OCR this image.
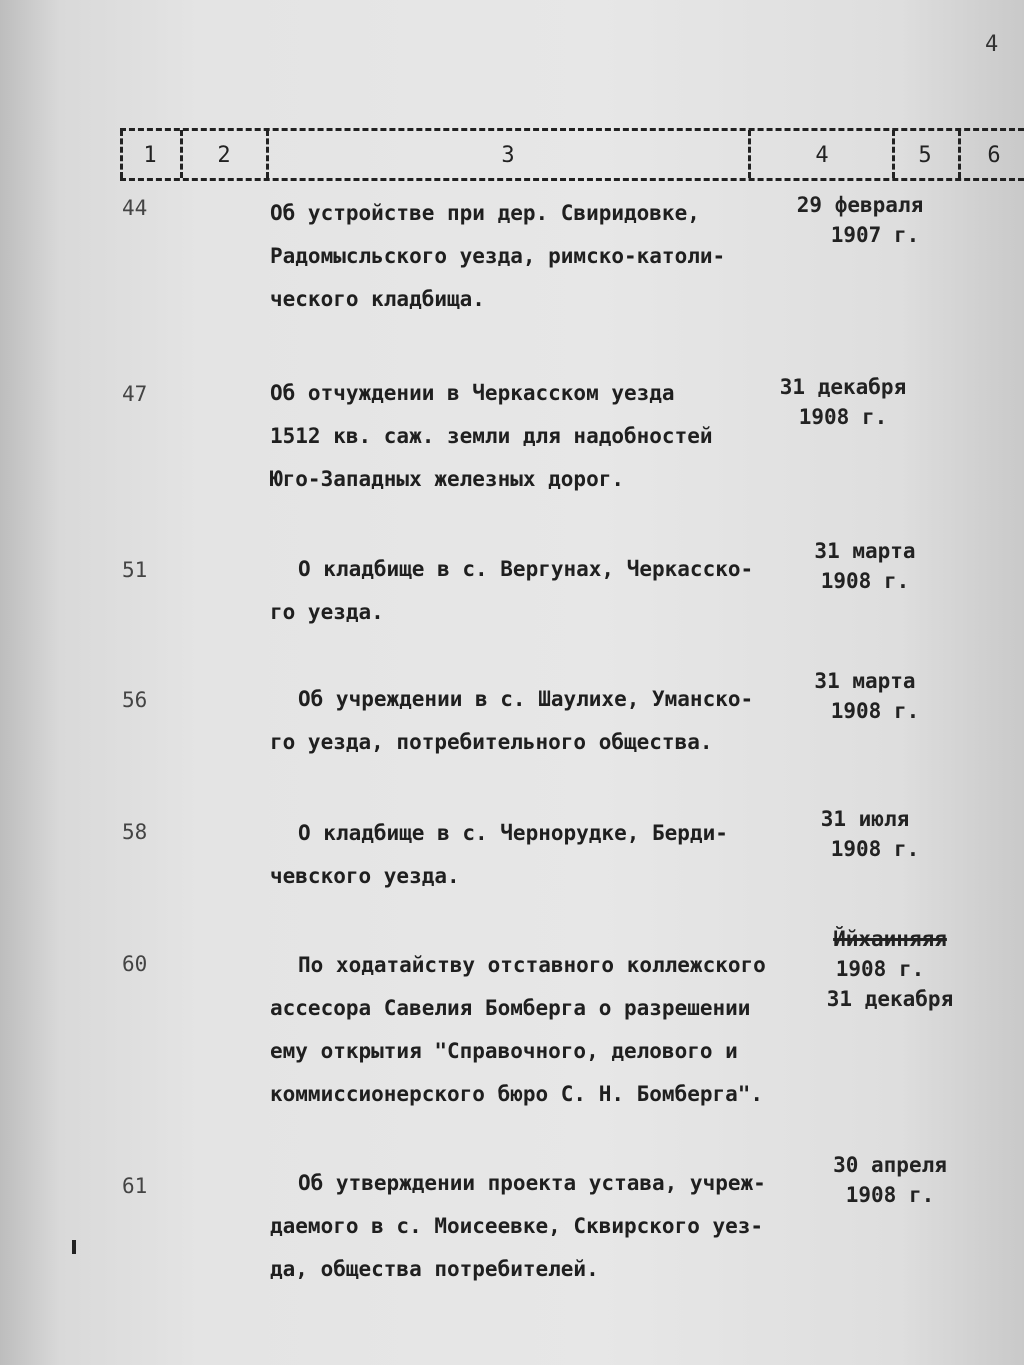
4
1	2	3	4	5	6
44	Об устройстве при дер. Свиридовке,
Радомысльского уезда, римско-католи-
ческого кладбища.
29 февраля
1907 г.
47	Об отчуждении в Черкасском уезда
1512 кв. саж. земли для надобностей
Юго-Западных железных дорог.
31 декабря
1908 г.
51	О кладбище в с. Вергунах, Черкасско-
го уезда.
31 марта
1908 г.
56	Об учреждении в с. Шаулихе, Уманско-
го уезда, потребительного общества.
31 марта
1908 г.
58	О кладбище в с. Чернорудке, Берди-
чевского уезда.
31 июля
1908 г.
60	По ходатайству отставного коллежского
ассесора Савелия Бомберга о разрешении
ему открытия "Справочного, делового и
коммиссионерского бюро С. Н. Бомберга".
Ййхаиняяя
1908 г.
31 декабря
61	Об утверждении проекта устава, учреж-
даемого в с. Моисеевке, Сквирского уез-
да, общества потребителей.
30 апреля
1908 г.
